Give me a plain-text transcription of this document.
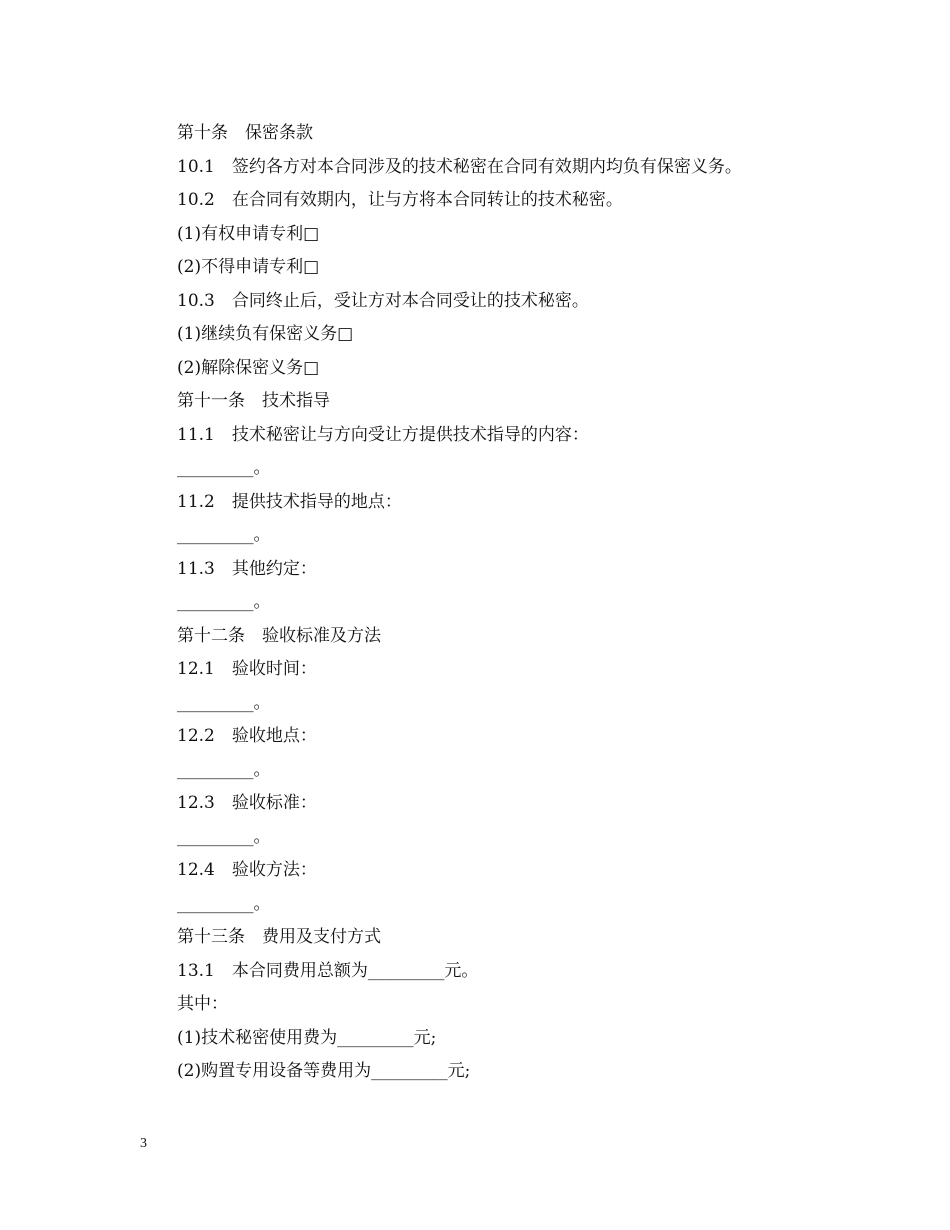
第十条　保密条款
10.1　签约各方对本合同涉及的技术秘密在合同有效期内均负有保密义务。
10.2　在合同有效期内，让与方将本合同转让的技术秘密。
(1)有权申请专利□
(2)不得申请专利□
10.3　合同终止后，受让方对本合同受让的技术秘密。
(1)继续负有保密义务□
(2)解除保密义务□
第十一条　技术指导
11.1　技术秘密让与方向受让方提供技术指导的内容：
_________。
11.2　提供技术指导的地点：
_________。
11.3　其他约定：
_________。
第十二条　验收标准及方法
12.1　验收时间：
_________。
12.2　验收地点：
_________。
12.3　验收标准：
_________。
12.4　验收方法：
_________。
第十三条　费用及支付方式
13.1　本合同费用总额为_________元。
其中：
(1)技术秘密使用费为_________元;
(2)购置专用设备等费用为_________元;
3
